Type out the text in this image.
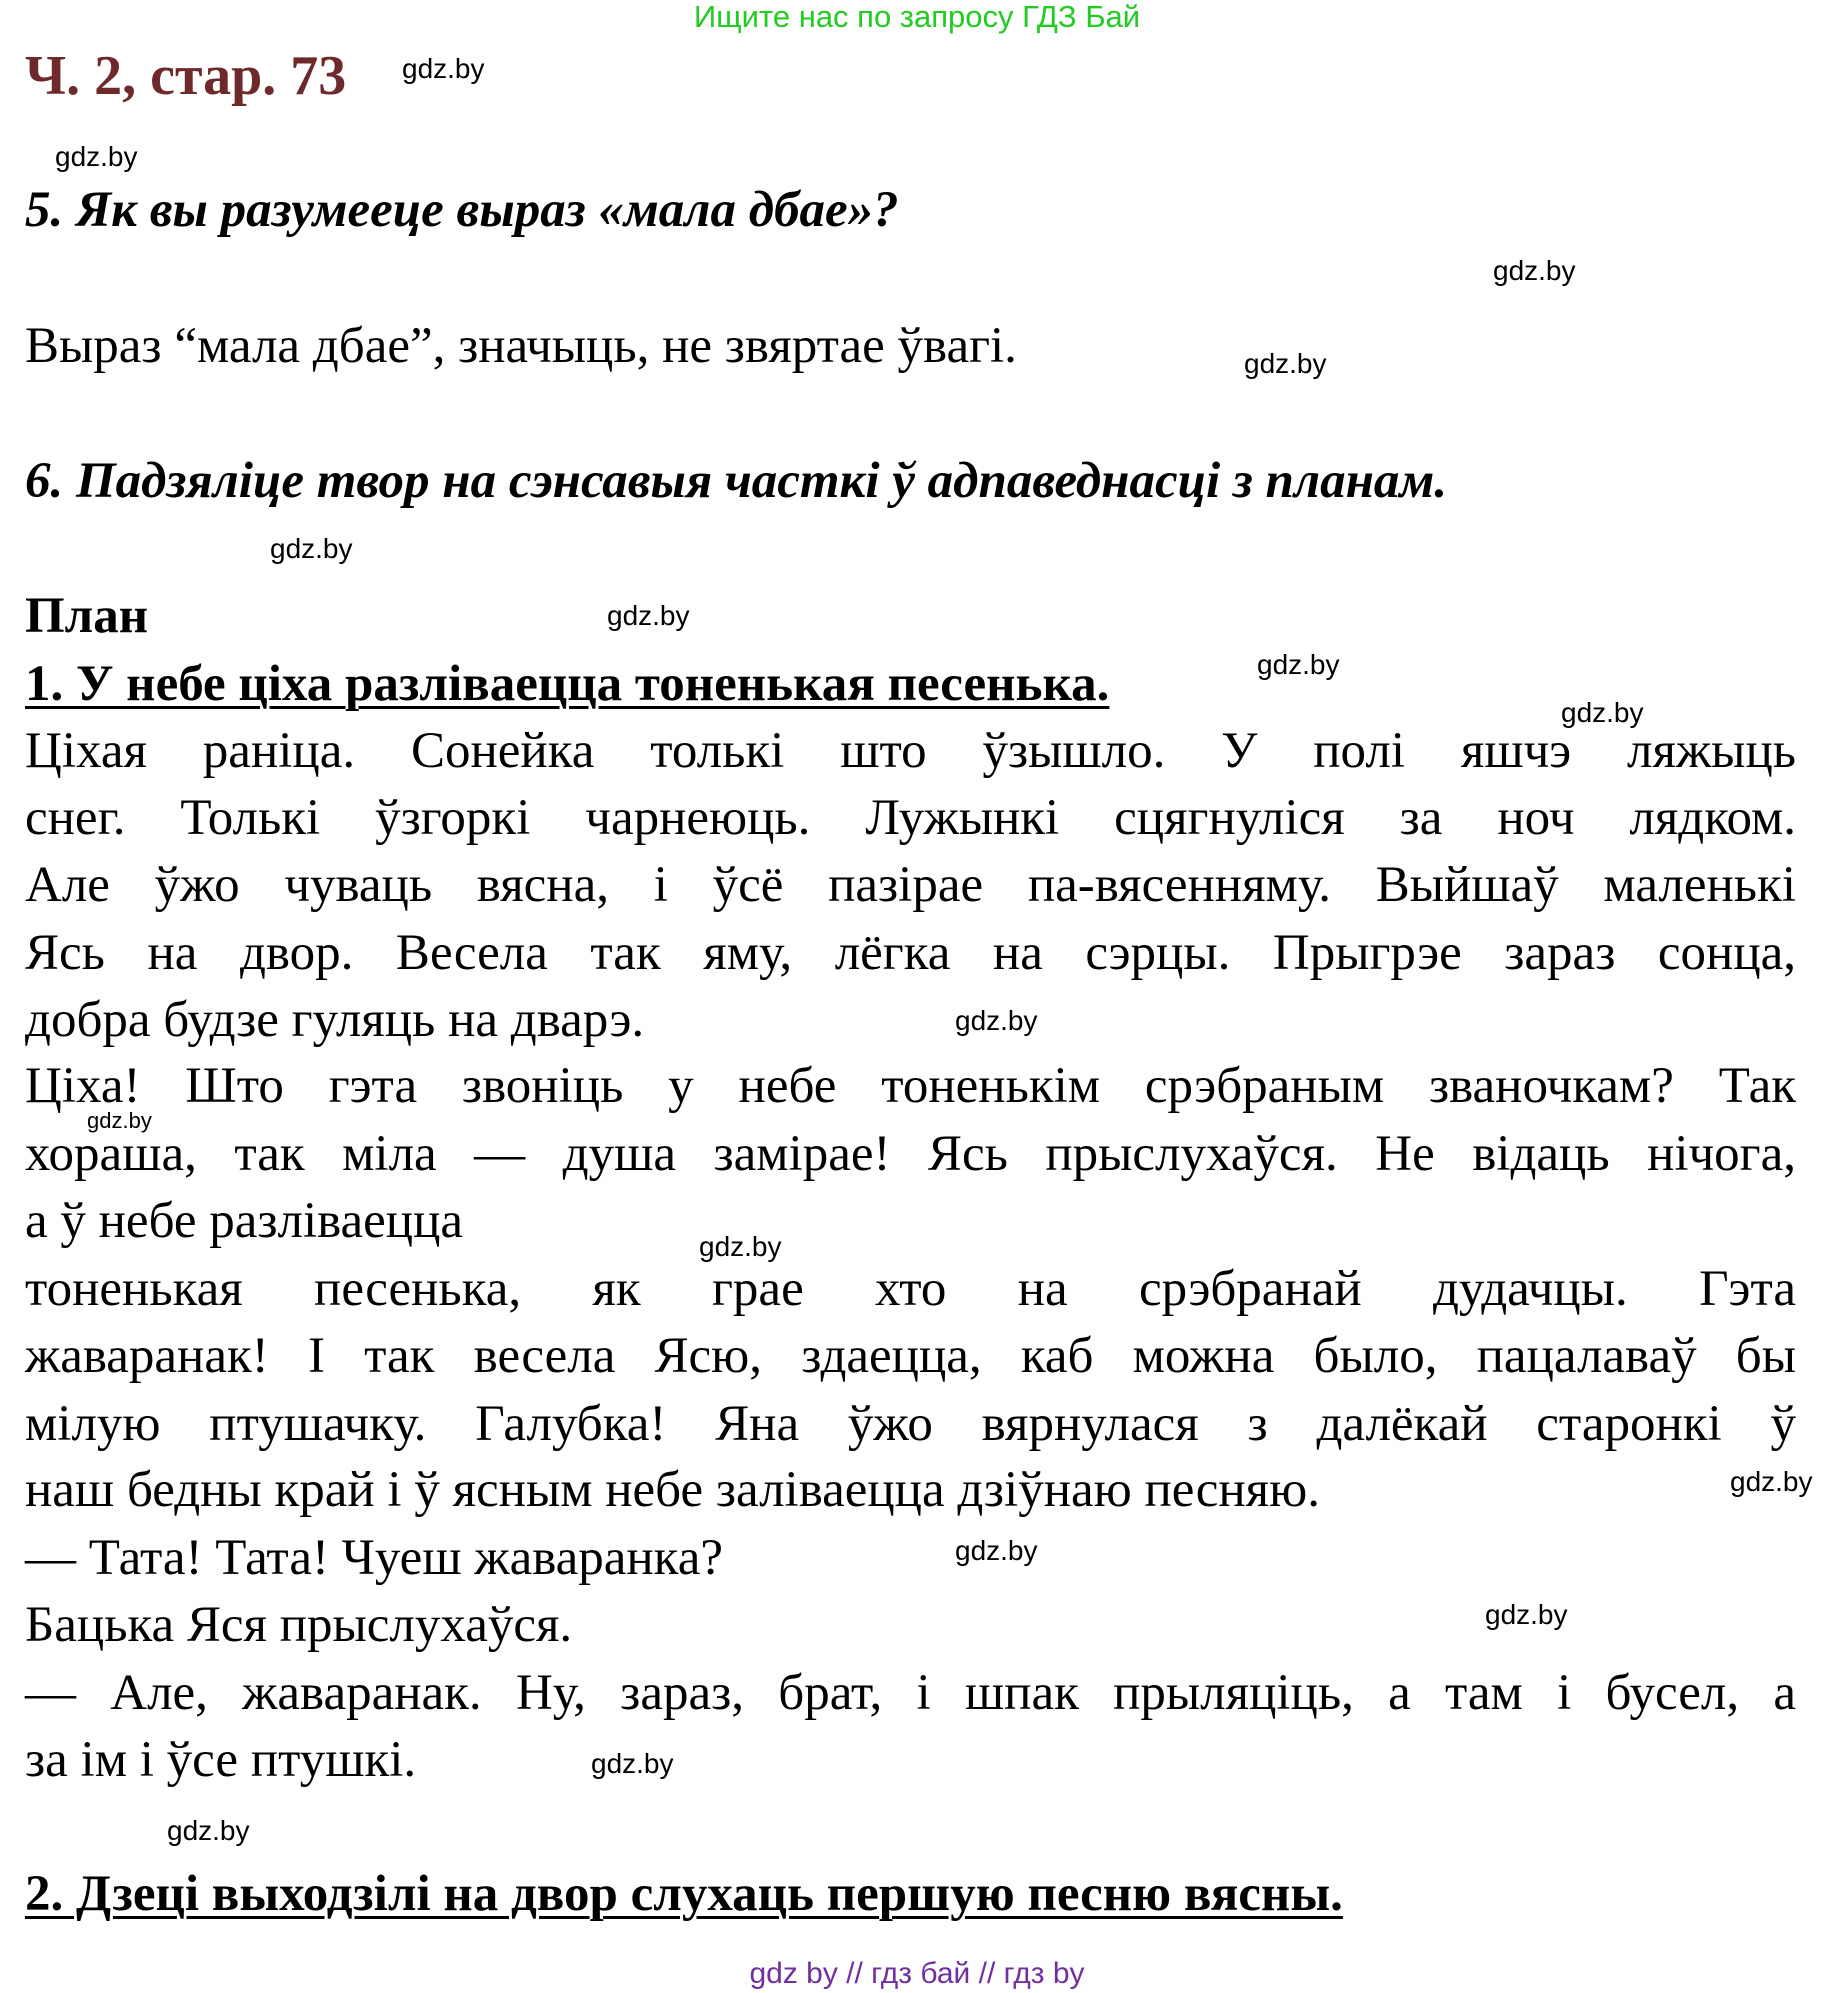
Ищите нас по запросу ГДЗ Бай
Ч. 2, стар. 73
5. Як вы разумееце выраз «мала дбае»?
Выраз “мала дбае”, значыць, не звяртае ўвагі.
6. Падзяліце твор на сэнсавыя часткі ў адпаведнасці з планам.
План
1. У небе ціха разліваецца тоненькая песенька.
Ціхая раніца. Сонейка толькі што ўзышло. У полі яшчэ ляжыць
снег. Толькі ўзгоркі чарнеюць. Лужынкі сцягнуліся за ноч лядком.
Але ўжо чуваць вясна, і ўсё пазірае па-вясенняму. Выйшаў маленькі
Ясь на двор. Весела так яму, лёгка на сэрцы. Прыгрэе зараз сонца,
добра будзе гуляць на дварэ.
Ціха! Што гэта звоніць у небе тоненькім срэбраным званочкам? Так
хораша, так міла — душа замірае! Ясь прыслухаўся. Не відаць нічога,
а ў небе разліваецца
тоненькая песенька, як грае хто на срэбранай дудачцы. Гэта
жаваранак! І так весела Ясю, здаецца, каб можна было, пацалаваў бы
мілую птушачку. Галубка! Яна ўжо вярнулася з далёкай старонкі ў
наш бедны край і ў ясным небе заліваецца дзіўнаю песняю.
— Тата! Тата! Чуеш жаваранка?
Бацька Яся прыслухаўся.
— Але, жаваранак. Ну, зараз, брат, і шпак прыляціць, а там і бусел, а
за ім і ўсе птушкі.
2. Дзеці выходзілі на двор слухаць першую песню вясны.
gdz.by
gdz.by
gdz.by
gdz.by
gdz.by
gdz.by
gdz.by
gdz.by
gdz.by
gdz.by
gdz.by
gdz.by
gdz.by
gdz.by
gdz.by
gdz.by
gdz by // гдз бай // гдз by
